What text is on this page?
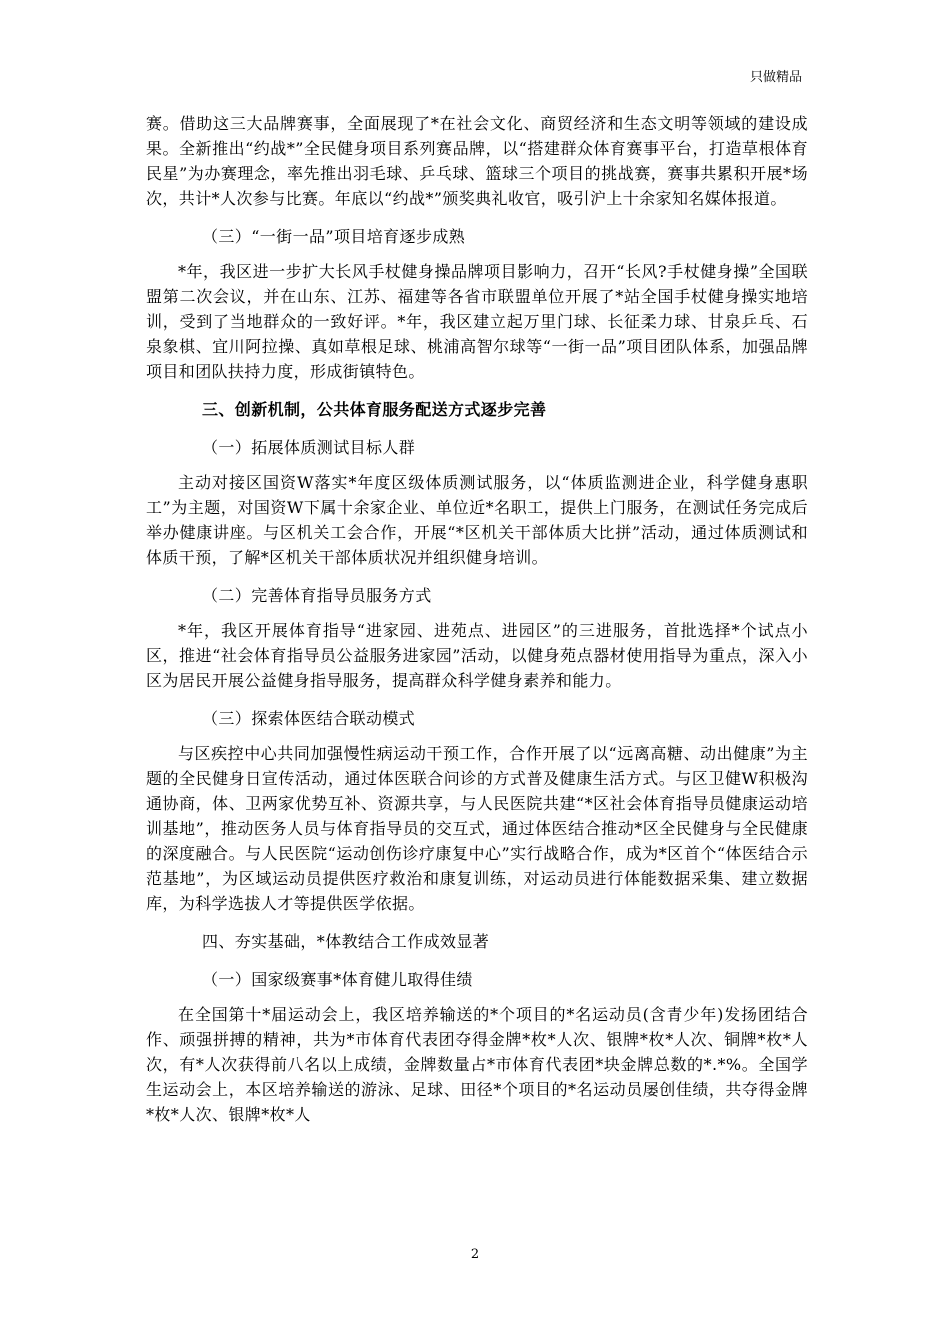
只做精品

赛。借助这三大品牌赛事，全面展现了*在社会文化、商贸经济和生态文明等领域的建设成果。全新推出“约战*”全民健身项目系列赛品牌，以“搭建群众体育赛事平台，打造草根体育民星”为办赛理念，率先推出羽毛球、乒乓球、篮球三个项目的挑战赛，赛事共累积开展*场次，共计*人次参与比赛。年底以“约战*”颁奖典礼收官，吸引沪上十余家知名媒体报道。

（三）“一街一品”项目培育逐步成熟

*年，我区进一步扩大长风手杖健身操品牌项目影响力，召开“长风?手杖健身操”全国联盟第二次会议，并在山东、江苏、福建等各省市联盟单位开展了*站全国手杖健身操实地培训，受到了当地群众的一致好评。*年，我区建立起万里门球、长征柔力球、甘泉乒乓、石泉象棋、宜川阿拉操、真如草根足球、桃浦高智尔球等“一街一品”项目团队体系，加强品牌项目和团队扶持力度，形成街镇特色。

三、创新机制，公共体育服务配送方式逐步完善

（一）拓展体质测试目标人群

主动对接区国资W落实*年度区级体质测试服务，以“体质监测进企业，科学健身惠职工”为主题，对国资W下属十余家企业、单位近*名职工，提供上门服务，在测试任务完成后举办健康讲座。与区机关工会合作，开展“*区机关干部体质大比拼”活动，通过体质测试和体质干预，了解*区机关干部体质状况并组织健身培训。

（二）完善体育指导员服务方式

*年，我区开展体育指导“进家园、进苑点、进园区”的三进服务，首批选择*个试点小区，推进“社会体育指导员公益服务进家园”活动，以健身苑点器材使用指导为重点，深入小区为居民开展公益健身指导服务，提高群众科学健身素养和能力。

（三）探索体医结合联动模式

与区疾控中心共同加强慢性病运动干预工作，合作开展了以“远离高糖、动出健康”为主题的全民健身日宣传活动，通过体医联合问诊的方式普及健康生活方式。与区卫健W积极沟通协商，体、卫两家优势互补、资源共享，与人民医院共建“*区社会体育指导员健康运动培训基地”，推动医务人员与体育指导员的交互式，通过体医结合推动*区全民健身与全民健康的深度融合。与人民医院“运动创伤诊疗康复中心”实行战略合作，成为*区首个“体医结合示范基地”，为区域运动员提供医疗救治和康复训练，对运动员进行体能数据采集、建立数据库，为科学选拔人才等提供医学依据。

四、夯实基础，*体教结合工作成效显著

（一）国家级赛事*体育健儿取得佳绩

在全国第十*届运动会上，我区培养输送的*个项目的*名运动员(含青少年)发扬团结合作、顽强拼搏的精神，共为*市体育代表团夺得金牌*枚*人次、银牌*枚*人次、铜牌*枚*人次，有*人次获得前八名以上成绩，金牌数量占*市体育代表团*块金牌总数的*.*%。全国学生运动会上，本区培养输送的游泳、足球、田径*个项目的*名运动员屡创佳绩，共夺得金牌*枚*人次、银牌*枚*人

2
